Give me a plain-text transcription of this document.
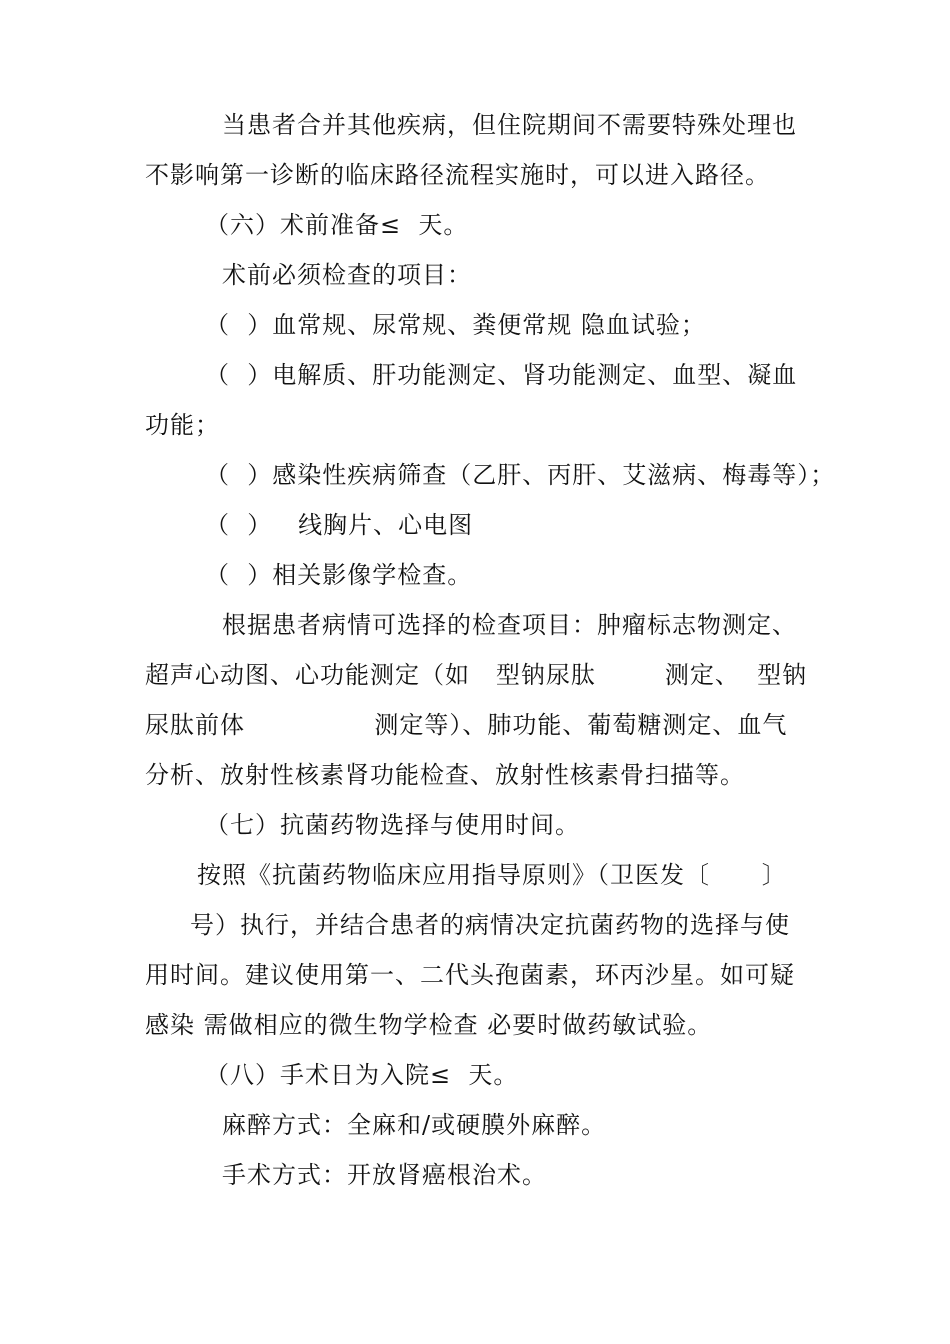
当患者合并其他疾病，但住院期间不需要特殊处理也
不影响第一诊断的临床路径流程实施时，可以进入路径。
（六）术前准备≤  天。
术前必须检查的项目：
（  ）血常规、尿常规、粪便常规 隐血试验；
（  ）电解质、肝功能测定、肾功能测定、血型、凝血
功能；
（  ）感染性疾病筛查（乙肝、丙肝、艾滋病、梅毒等）；
（  ）   线胸片、心电图
（  ）相关影像学检查。
根据患者病情可选择的检查项目：肿瘤标志物测定、
超声心动图、心功能测定（如   型钠尿肽        测定、  型钠
尿肽前体               测定等）、肺功能、葡萄糖测定、血气
分析、放射性核素肾功能检查、放射性核素骨扫描等。
（七）抗菌药物选择与使用时间。
按照《抗菌药物临床应用指导原则》（卫医发〔      〕
号）执行，并结合患者的病情决定抗菌药物的选择与使
用时间。建议使用第一、二代头孢菌素，环丙沙星。如可疑
感染 需做相应的微生物学检查 必要时做药敏试验。
（八）手术日为入院≤  天。
麻醉方式：全麻和/或硬膜外麻醉。
手术方式：开放肾癌根治术。
